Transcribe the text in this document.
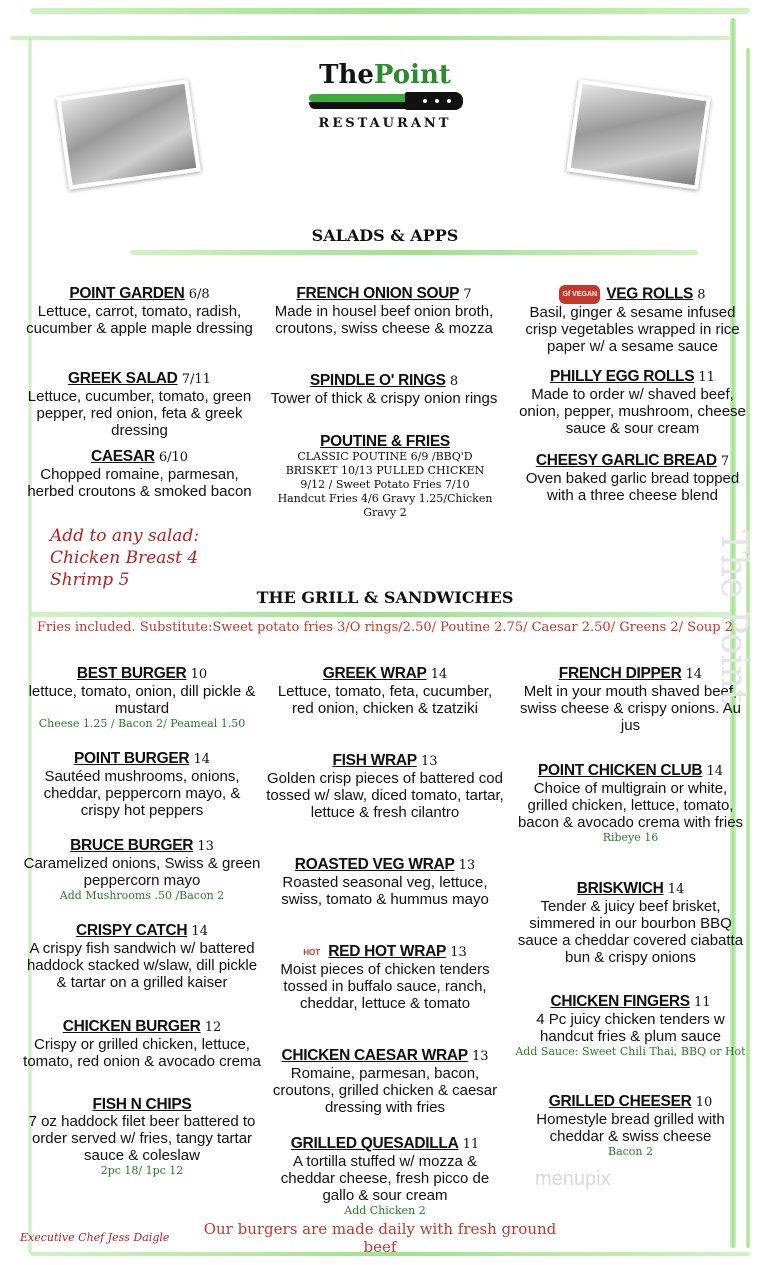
ThePoint
RESTAURANT
SALADS & APPS
POINT GARDEN 6/8
Lettuce, carrot, tomato, radish, cucumber & apple maple dressing
GREEK SALAD 7/11
Lettuce, cucumber, tomato, green pepper, red onion, feta & greek dressing
CAESAR 6/10
Chopped romaine, parmesan, herbed croutons & smoked bacon
Add to any salad:
Chicken Breast 4
Shrimp 5
FRENCH ONION SOUP 7
Made in housel beef onion broth, croutons, swiss cheese & mozza
SPINDLE O' RINGS 8
Tower of thick & crispy onion rings
POUTINE & FRIES
CLASSIC POUTINE 6/9 /BBQ'D BRISKET 10/13 PULLED CHICKEN 9/12 / Sweet Potato Fries 7/10 Handcut Fries 4/6 Gravy 1.25/Chicken Gravy 2
Gf VEGAN VEG ROLLS 8
Basil, ginger & sesame infused crisp vegetables wrapped in rice paper w/ a sesame sauce
PHILLY EGG ROLLS 11
Made to order w/ shaved beef, onion, pepper, mushroom, cheese sauce & sour cream
CHEESY GARLIC BREAD 7
Oven baked garlic bread topped with a three cheese blend
THE GRILL & SANDWICHES
Fries included. Substitute:Sweet potato fries 3/O rings/2.50/ Poutine 2.75/ Caesar 2.50/ Greens 2/ Soup 2
BEST BURGER 10
lettuce, tomato, onion, dill pickle & mustard
Cheese 1.25 / Bacon 2/ Peameal 1.50
POINT BURGER 14
Sautéed mushrooms, onions, cheddar, peppercorn mayo, & crispy hot peppers
BRUCE BURGER 13
Caramelized onions, Swiss & green peppercorn mayo
Add Mushrooms .50 /Bacon 2
CRISPY CATCH 14
A crispy fish sandwich w/ battered haddock stacked w/slaw, dill pickle & tartar on a grilled kaiser
CHICKEN BURGER 12
Crispy or grilled chicken, lettuce, tomato, red onion & avocado crema
FISH N CHIPS
7 oz haddock filet beer battered to order served w/ fries, tangy tartar sauce & coleslaw
2pc 18/ 1pc 12
GREEK WRAP 14
Lettuce, tomato, feta, cucumber, red onion, chicken & tzatziki
FISH WRAP 13
Golden crisp pieces of battered cod tossed w/ slaw, diced tomato, tartar, lettuce & fresh cilantro
ROASTED VEG WRAP 13
Roasted seasonal veg, lettuce, swiss, tomato & hummus mayo
HOT RED HOT WRAP 13
Moist pieces of chicken tenders tossed in buffalo sauce, ranch, cheddar, lettuce & tomato
CHICKEN CAESAR WRAP 13
Romaine, parmesan, bacon, croutons, grilled chicken & caesar dressing with fries
GRILLED QUESADILLA 11
A tortilla stuffed w/ mozza & cheddar cheese, fresh picco de gallo & sour cream
Add Chicken 2
FRENCH DIPPER 14
Melt in your mouth shaved beef, swiss cheese & crispy onions. Au jus
POINT CHICKEN CLUB 14
Choice of multigrain or white, grilled chicken, lettuce, tomato, bacon & avocado crema with fries
Ribeye 16
BRISKWICH 14
Tender & juicy beef brisket, simmered in our bourbon BBQ sauce a cheddar covered ciabatta bun & crispy onions
CHICKEN FINGERS 11
4 Pc juicy chicken tenders w handcut fries & plum sauce
Add Sauce: Sweet Chili Thai, BBQ or Hot
GRILLED CHEESER 10
Homestyle bread grilled with cheddar & swiss cheese
Bacon 2
Executive Chef Jess Daigle	Our burgers are made daily with fresh ground beef
The Point
menupix
